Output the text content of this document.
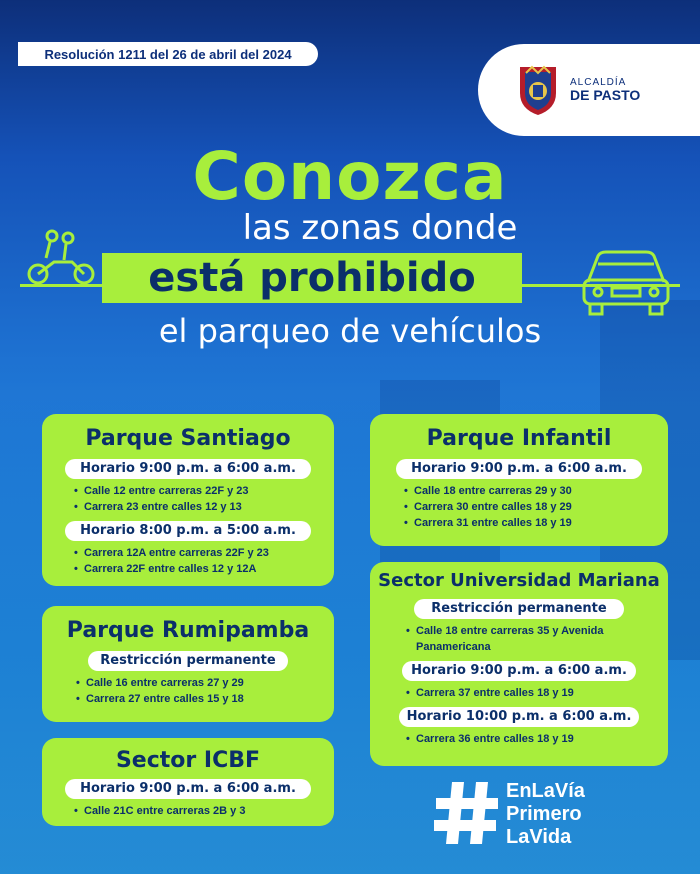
Resolución 1211 del 26 de abril del 2024
ALCALDÍA
DE PASTO
Conozca
las zonas donde
está prohibido
el parqueo de vehículos
Parque Santiago
Horario 9:00 p.m. a 6:00 a.m.
• Calle 12 entre carreras 22F y 23
• Carrera 23 entre calles 12 y 13
Horario 8:00 p.m. a 5:00 a.m.
• Carrera 12A entre carreras 22F y 23
• Carrera 22F entre calles 12 y 12A
Parque Rumipamba
Restricción permanente
• Calle 16 entre carreras 27 y 29
• Carrera 27 entre calles 15 y 18
Sector ICBF
Horario 9:00 p.m. a 6:00 a.m.
• Calle 21C entre carreras 2B y 3
Parque Infantil
Horario 9:00 p.m. a 6:00 a.m.
• Calle 18 entre carreras 29 y 30
• Carrera 30 entre calles 18 y 29
• Carrera 31 entre calles 18 y 19
Sector Universidad Mariana
Restricción permanente
• Calle 18 entre carreras 35 y Avenida
Panamericana
Horario 9:00 p.m. a 6:00 a.m.
• Carrera 37 entre calles 18 y 19
Horario 10:00 p.m. a 6:00 a.m.
• Carrera 36 entre calles 18 y 19
EnLaVía
Primero
LaVida
